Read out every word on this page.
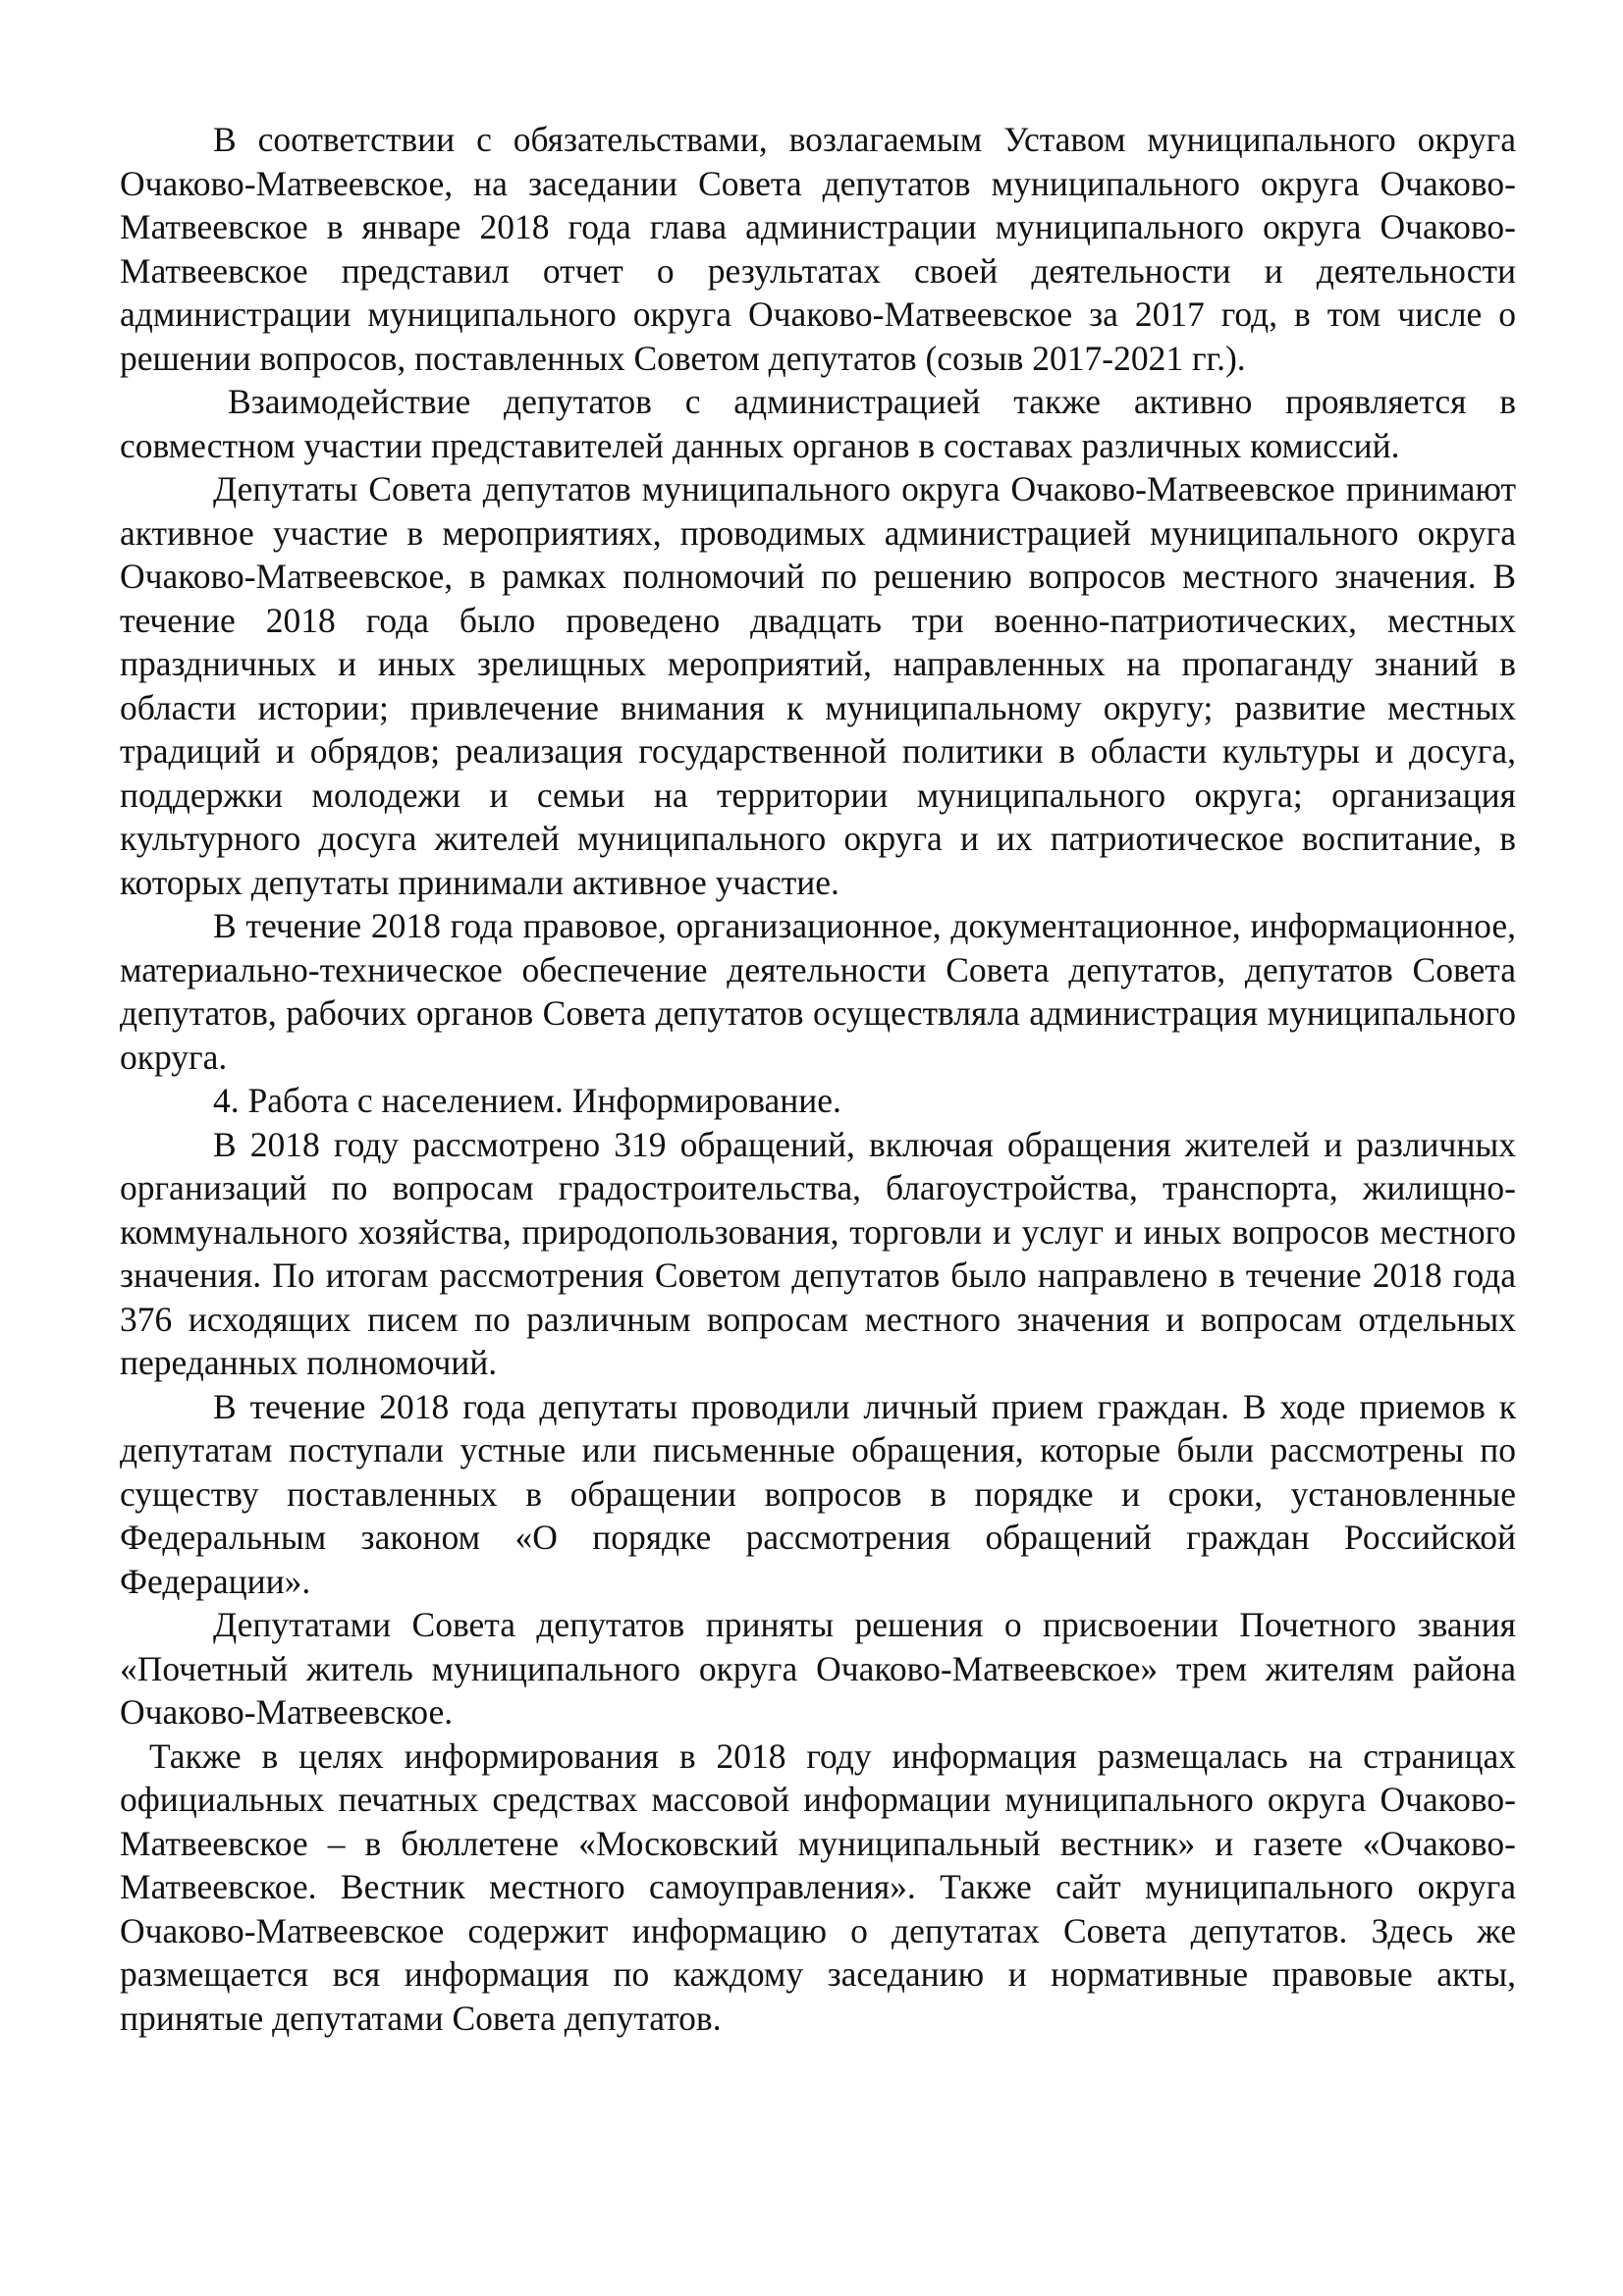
В соответствии с обязательствами, возлагаемым Уставом муниципального округа Очаково-Матвеевское, на заседании Совета депутатов муниципального округа Очаково-Матвеевское в январе 2018 года глава администрации муниципального округа Очаково-Матвеевское представил отчет о результатах своей деятельности и деятельности администрации муниципального округа Очаково-Матвеевское за 2017 год, в том числе о решении вопросов, поставленных Советом депутатов (созыв 2017-2021 гг.).

Взаимодействие депутатов с администрацией также активно проявляется в совместном участии представителей данных органов в составах различных комиссий.

Депутаты Совета депутатов муниципального округа Очаково-Матвеевское принимают активное участие в мероприятиях, проводимых администрацией муниципального округа Очаково-Матвеевское, в рамках полномочий по решению вопросов местного значения. В течение 2018 года было проведено двадцать три военно-патриотических, местных праздничных и иных зрелищных мероприятий, направленных на пропаганду знаний в области истории; привлечение внимания к муниципальному округу; развитие местных традиций и обрядов; реализация государственной политики в области культуры и досуга, поддержки молодежи и семьи на территории муниципального округа; организация культурного досуга жителей муниципального округа и их патриотическое воспитание, в которых депутаты принимали активное участие.

В течение 2018 года правовое, организационное, документационное, информационное, материально-техническое обеспечение деятельности Совета депутатов, депутатов Совета депутатов, рабочих органов Совета депутатов осуществляла администрация муниципального округа.

4. Работа с населением. Информирование.

В 2018 году рассмотрено 319 обращений, включая обращения жителей и различных организаций по вопросам градостроительства, благоустройства, транспорта, жилищно-коммунального хозяйства, природопользования, торговли и услуг и иных вопросов местного значения. По итогам рассмотрения Советом депутатов было направлено в течение 2018 года 376 исходящих писем по различным вопросам местного значения и вопросам отдельных переданных полномочий.

В течение 2018 года депутаты проводили личный прием граждан. В ходе приемов к депутатам поступали устные или письменные обращения, которые были рассмотрены по существу поставленных в обращении вопросов в порядке и сроки, установленные Федеральным законом «О порядке рассмотрения обращений граждан Российской Федерации».

Депутатами Совета депутатов приняты решения о присвоении Почетного звания «Почетный житель муниципального округа Очаково-Матвеевское» трем жителям района Очаково-Матвеевское.

Также в целях информирования в 2018 году информация размещалась на страницах официальных печатных средствах массовой информации муниципального округа Очаково-Матвеевское – в бюллетене «Московский муниципальный вестник» и газете «Очаково-Матвеевское. Вестник местного самоуправления». Также сайт муниципального округа Очаково-Матвеевское содержит информацию о депутатах Совета депутатов. Здесь же размещается вся информация по каждому заседанию и нормативные правовые акты, принятые депутатами Совета депутатов.
